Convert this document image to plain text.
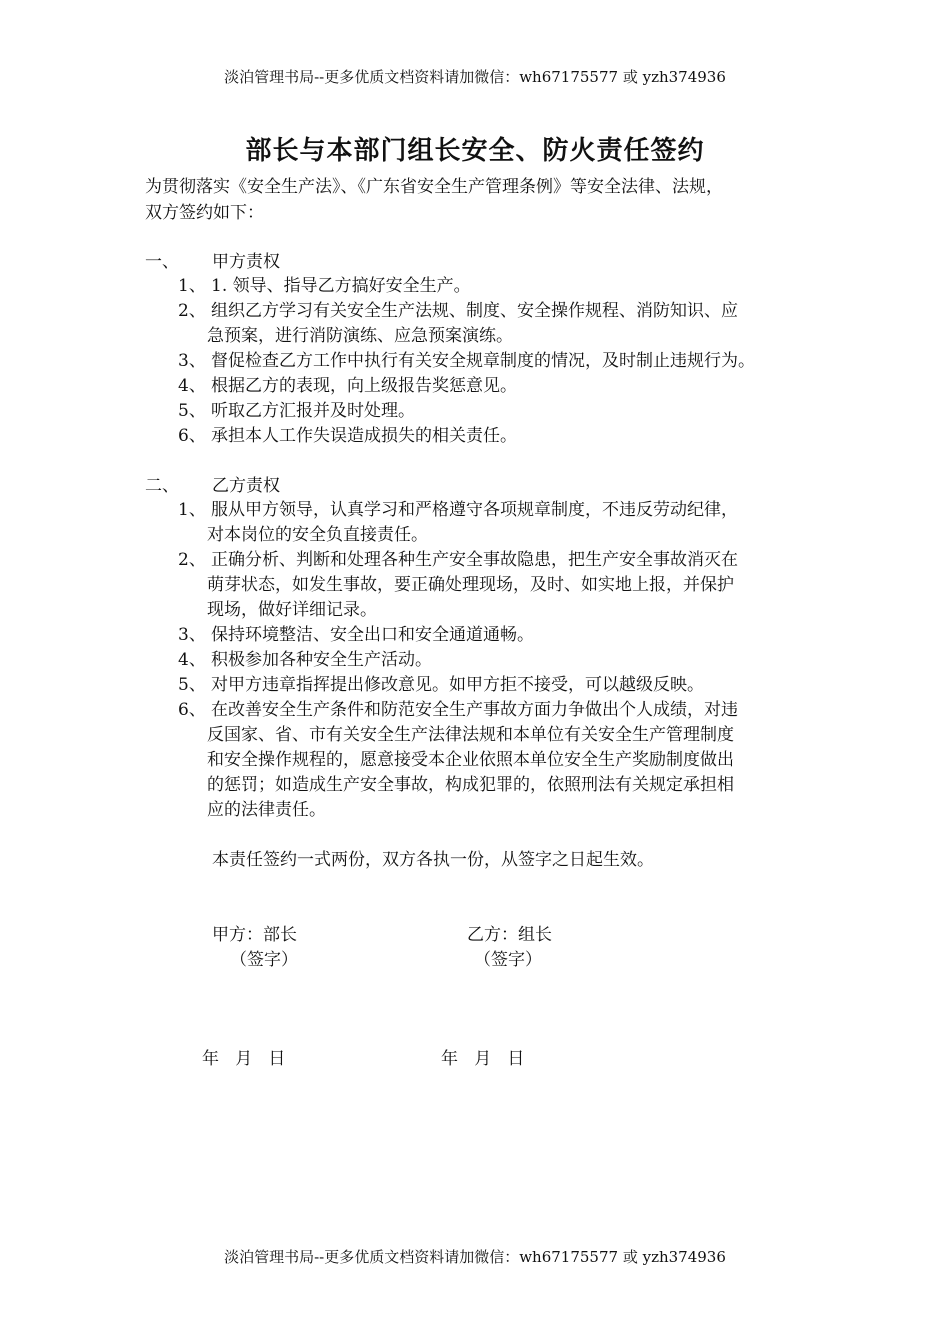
淡泊管理书局--更多优质文档资料请加微信：wh67175577 或 yzh374936
部长与本部门组长安全、防火责任签约
为贯彻落实《安全生产法》、《广东省安全生产管理条例》等安全法律、法规，
双方签约如下：
一、 甲方责权
1、 1. 领导、指导乙方搞好安全生产。
2、 组织乙方学习有关安全生产法规、制度、安全操作规程、消防知识、应
急预案，进行消防演练、应急预案演练。
3、 督促检查乙方工作中执行有关安全规章制度的情况，及时制止违规行为。
4、 根据乙方的表现，向上级报告奖惩意见。
5、 听取乙方汇报并及时处理。
6、 承担本人工作失误造成损失的相关责任。
二、 乙方责权
1、 服从甲方领导，认真学习和严格遵守各项规章制度，不违反劳动纪律，
对本岗位的安全负直接责任。
2、 正确分析、判断和处理各种生产安全事故隐患，把生产安全事故消灭在
萌芽状态，如发生事故，要正确处理现场，及时、如实地上报，并保护
现场，做好详细记录。
3、 保持环境整洁、安全出口和安全通道通畅。
4、 积极参加各种安全生产活动。
5、 对甲方违章指挥提出修改意见。如甲方拒不接受，可以越级反映。
6、 在改善安全生产条件和防范安全生产事故方面力争做出个人成绩，对违
反国家、省、市有关安全生产法律法规和本单位有关安全生产管理制度
和安全操作规程的，愿意接受本企业依照本单位安全生产奖励制度做出
的惩罚；如造成生产安全事故，构成犯罪的，依照刑法有关规定承担相
应的法律责任。
本责任签约一式两份，双方各执一份，从签字之日起生效。
甲方：部长
（签字）
乙方：组长
（签字）
年   月   日	年   月   日
淡泊管理书局--更多优质文档资料请加微信：wh67175577 或 yzh374936
